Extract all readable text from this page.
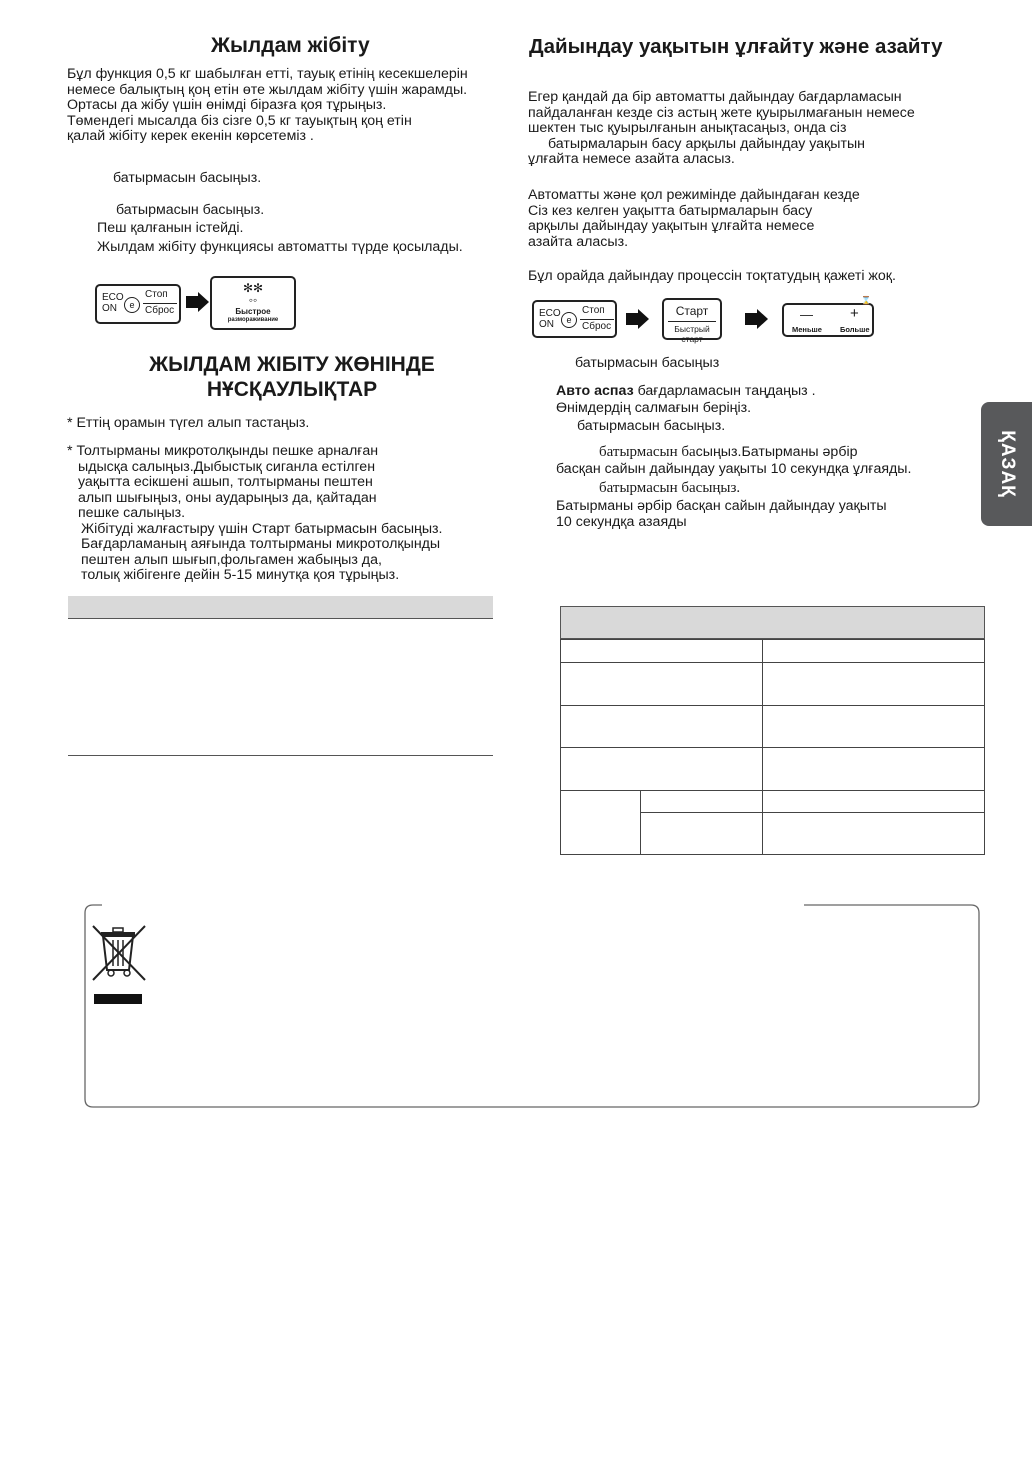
ҚАЗАҚ
Жылдам жібіту
Бұл функция 0,5 кг шабылған етті, тауық етінің кесекшелерін
немесе балықтың қоң етін өте жылдам жібіту үшін жарамды.
Ортасы да жібу үшін өнімді біразға қоя тұрыңыз.
Төмендегі мысалда біз сізге 0,5 кг тауықтың қоң етін
қалай жібіту керек екенін көрсетеміз .
батырмасын басыңыз.
батырмасын басыңыз.
Пеш қалғанын істейді.
Жылдам жібіту функциясы автоматты түрде қосылады.
ECO
ON	e
Стоп
Сброс
✻✻
◦◦
Быстрое
размораживание
ЖЫЛДАМ ЖІБІТУ ЖӨНІНДЕ
НҰСҚАУЛЫҚТАР
* Еттің орамын түгел алып тастаңыз.
* Толтырманы микротолқынды пешке арналған
ыдысқа салыңыз.Дыбыстық сиганла естілген
уақытта есікшені ашып, толтырманы пештен
алып шығыңыз, оны аударыңыз да, қайтадан
пешке салыңыз.
Жібітуді жалғастыру үшін Старт батырмасын басыңыз.
Бағдарламаның аяғында толтырманы микротолқынды
пештен алып шығып,фольгамен жабыңыз да,
толық жібігенге дейін 5-15 минутқа қоя тұрыңыз.
Дайындау уақытын ұлғайту және азайту
Егер қандай да бір автоматты дайындау бағдарламасын
пайдаланған кезде сіз астың жете қуырылмағанын немесе
шектен тыс қуырылғанын анықтасаңыз, онда сіз
батырмаларын басу арқылы дайындау уақытын
ұлғайта немесе азайта аласыз.
Автоматты және қол режимінде дайындаған кезде
Сіз кез келген уақытта батырмаларын басу
арқылы дайындау уақытын ұлғайта немесе
азайта аласыз.
Бұл орайда дайындау процессін тоқтатудың қажеті жоқ.
ECO
ON	e
Стоп
Сброс
Старт
Быстрый старт
⌛
— +
Меньше Больше
батырмасын басыңыз
Авто аспаз бағдарламасын таңдаңыз .
Өнімдердің салмағын беріңіз.
батырмасын басыңыз.
батырмасын басыңыз.Батырманы әрбір
басқан сайын дайындау уақыты 10 секундқа ұлғаяды.
батырмасын басыңыз.
Батырманы әрбір басқан сайын дайындау уақыты
10 секундқа азаяды
